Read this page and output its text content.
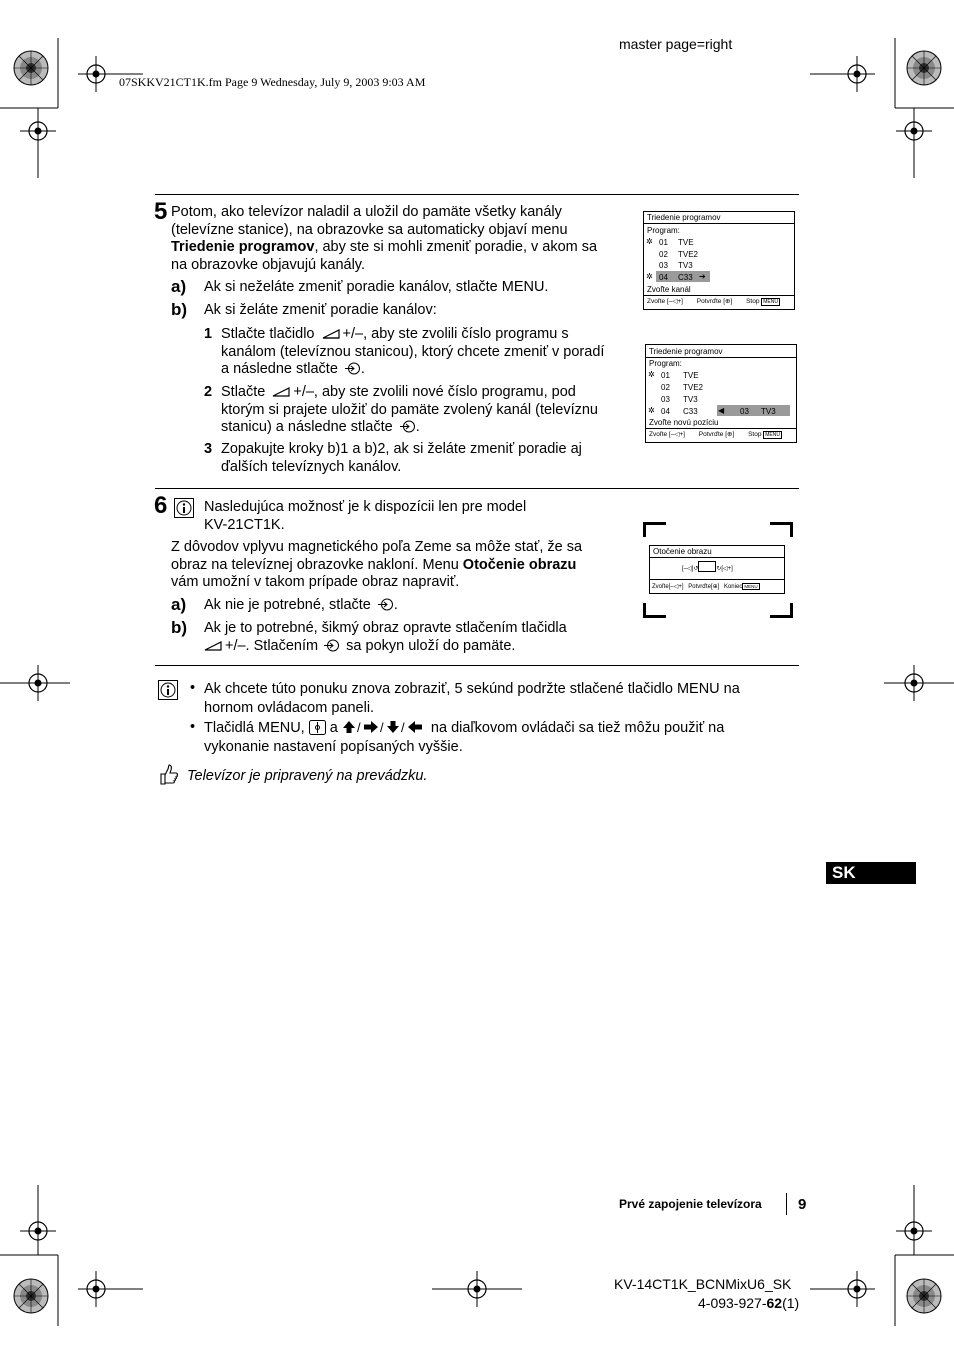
master page=right
07SKKV21CT1K.fm Page 9 Wednesday, July 9, 2003 9:03 AM
5 Potom, ako televízor naladil a uložil do pamäte všetky kanály
(televízne stanice), na obrazovke sa automaticky objaví menu
Triedenie programov, aby ste si mohli zmeniť poradie, v akom sa
na obrazovke objavujú kanály.
a) Ak si neželáte zmeniť poradie kanálov, stlačte MENU.
b) Ak si želáte zmeniť poradie kanálov:
1 Stlačte tlačidlo +/–, aby ste zvolili číslo programu s
kanálom (televíznou stanicou), ktorý chcete zmeniť v poradí
a následne stlačte .
2 Stlačte +/–, aby ste zvolili nové číslo programu, pod
ktorým si prajete uložiť do pamäte zvolený kanál (televíznu
stanicu) a následne stlačte .
3 Zopakujte kroky b)1 a b)2, ak si želáte zmeniť poradie aj
ďalších televíznych kanálov.
Triedenie programov
Program:
✲ 01 TVE
02 TVE2
03 TV3
✲ 04 C33 ➔
Zvoľte kanál
Zvoľte [–◁+] Potvrďte [⊕] Stop MENU
Triedenie programov
Program:
✲ 01 TVE
02 TVE2
03 TV3
✲ 04 C33	◀ 03 TV3
Zvoľte novú pozíciu
Zvoľte [–◁+] Potvrďte [⊕] Stop MENU
6	Nasledujúca možnosť je k dispozícii len pre model
KV-21CT1K.
Z dôvodov vplyvu magnetického poľa Zeme sa môže stať, že sa
obraz na televíznej obrazovke nakloní. Menu Otočenie obrazu
vám umožní v takom prípade obraz napraviť.
a) Ak nie je potrebné, stlačte .
b) Ak je to potrebné, šikmý obraz opravte stlačením tlačidla
+/–. Stlačením sa pokyn uloží do pamäte.
Otočenie obrazu
[–◁]↺	↻[◁+]
Zvoľte[–◁+] Potvrďte[⊕] Koniec MENU
• Ak chcete túto ponuku znova zobraziť, 5 sekúnd podržte stlačené tlačidlo MENU na
hornom ovládacom paneli.
• Tlačidlá MENU, a / / / na diaľkovom ovládači sa tiež môžu použiť na
vykonanie nastavení popísaných vyššie.
Televízor je pripravený na prevádzku.
SK
Prvé zapojenie televízora 9
KV-14CT1K_BCNMixU6_SK
4-093-927-62(1)
